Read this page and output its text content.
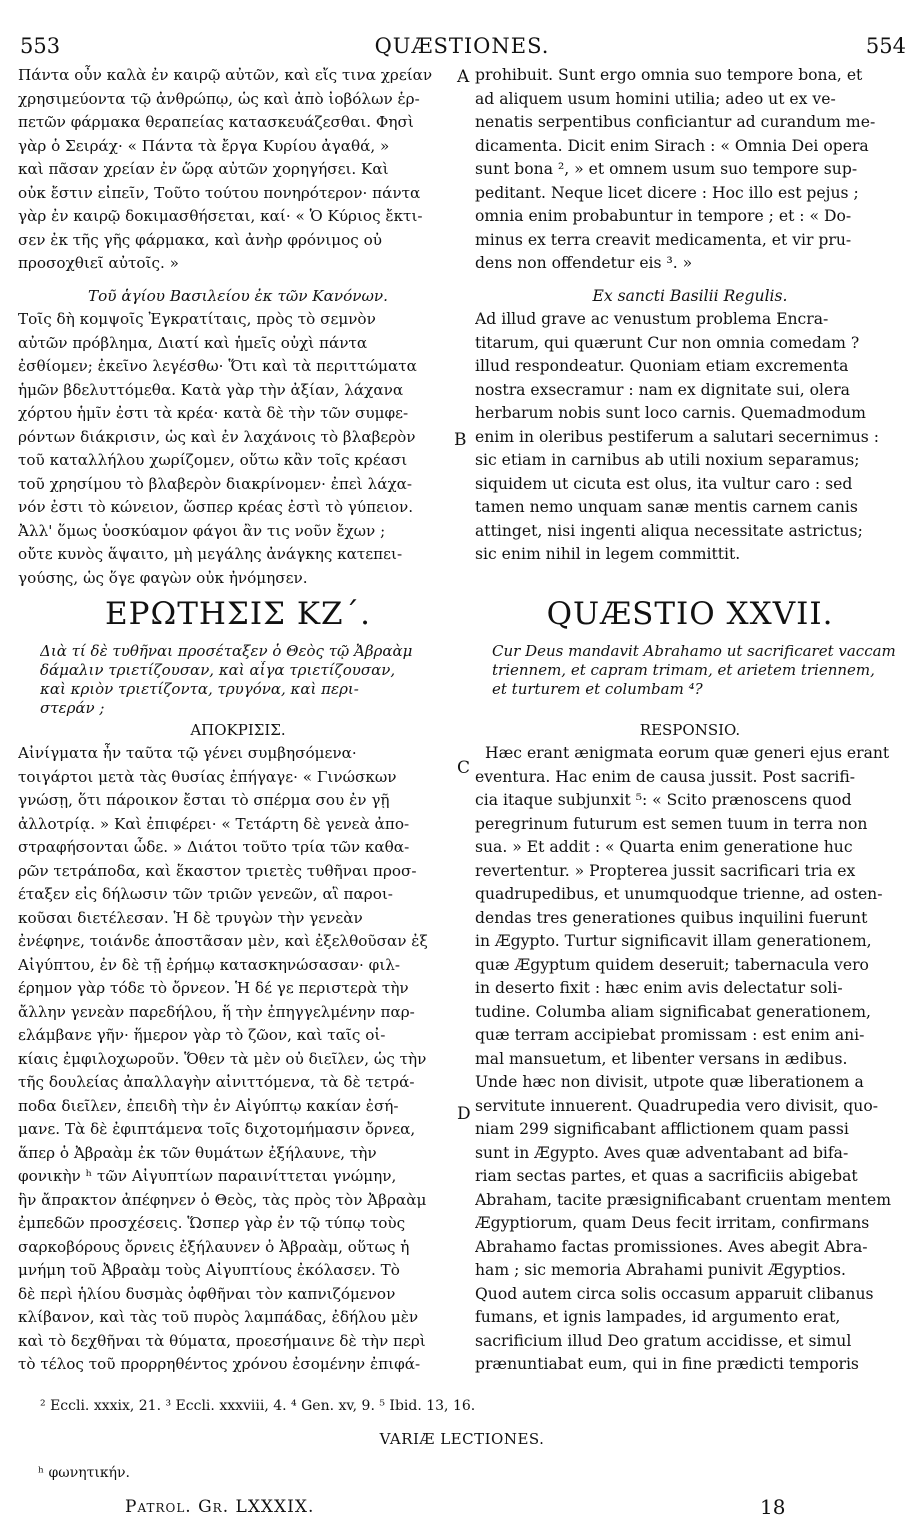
553	QUÆSTIONES.	554
A
B
C
D
Πάντα οὖν καλὰ ἐν καιρῷ αὐτῶν, καὶ εἴς τινα χρείαν
χρησιμεύοντα τῷ ἀνθρώπῳ, ὡς καὶ ἀπὸ ἰοβόλων ἑρ-
πετῶν φάρμακα θεραπείας κατασκευάζεσθαι. Φησὶ
γὰρ ὁ Σειράχ· « Πάντα τὰ ἔργα Κυρίου ἀγαθά, »
καὶ πᾶσαν χρείαν ἐν ὥρᾳ αὐτῶν χορηγήσει. Καὶ
οὐκ ἔστιν εἰπεῖν, Τοῦτο τούτου πονηρότερον· πάντα
γὰρ ἐν καιρῷ δοκιμασθήσεται, καί· « Ὁ Κύριος ἔκτι-
σεν ἐκ τῆς γῆς φάρμακα, καὶ ἀνὴρ φρόνιμος οὐ
προσοχθιεῖ αὐτοῖς. »
prohibuit. Sunt ergo omnia suo tempore bona, et
ad aliquem usum homini utilia; adeo ut ex ve-
nenatis serpentibus conficiantur ad curandum me-
dicamenta. Dicit enim Sirach : « Omnia Dei opera
sunt bona ², » et omnem usum suo tempore sup-
peditant. Neque licet dicere : Hoc illo est pejus ;
omnia enim probabuntur in tempore ; et : « Do-
minus ex terra creavit medicamenta, et vir pru-
dens non offendetur eis ³. »
Τοῦ ἁγίου Βασιλείου ἐκ τῶν Κανόνων.	Ex sancti Basilii Regulis.
Τοῖς δὴ κομψοῖς Ἐγκρατίταις, πρὸς τὸ σεμνὸν
αὐτῶν πρόβλημα, Διατί καὶ ἡμεῖς οὐχὶ πάντα
ἐσθίομεν; ἐκεῖνο λεγέσθω· Ὅτι καὶ τὰ περιττώματα
ἡμῶν βδελυττόμεθα. Κατὰ γὰρ τὴν ἀξίαν, λάχανα
χόρτου ἡμῖν ἐστι τὰ κρέα· κατὰ δὲ τὴν τῶν συμφε-
ρόντων διάκρισιν, ὡς καὶ ἐν λαχάνοις τὸ βλαβερὸν
τοῦ καταλλήλου χωρίζομεν, οὕτω κἂν τοῖς κρέασι
τοῦ χρησίμου τὸ βλαβερὸν διακρίνομεν· ἐπεὶ λάχα-
νόν ἐστι τὸ κώνειον, ὥσπερ κρέας ἐστὶ τὸ γύπειον.
Ἀλλ' ὅμως ὑοσκύαμον φάγοι ἂν τις νοῦν ἔχων ;
οὔτε κυνὸς ἅψαιτο, μὴ μεγάλης ἀνάγκης κατεπει-
γούσης, ὡς ὅγε φαγὼν οὐκ ἠνόμησεν.
Ad illud grave ac venustum problema Encra-
titarum, qui quærunt Cur non omnia comedam ?
illud respondeatur. Quoniam etiam excrementa
nostra exsecramur : nam ex dignitate sui, olera
herbarum nobis sunt loco carnis. Quemadmodum
enim in oleribus pestiferum a salutari secernimus :
sic etiam in carnibus ab utili noxium separamus;
siquidem ut cicuta est olus, ita vultur caro : sed
tamen nemo unquam sanæ mentis carnem canis
attinget, nisi ingenti aliqua necessitate astrictus;
sic enim nihil in legem committit.
ΕΡΩΤΗΣΙΣ ΚΖ΄.	QUÆSTIO XXVII.
Διὰ τί δὲ τυθῆναι προσέταξεν ὁ Θεὸς τῷ Ἀβραὰμ
δάμαλιν τριετίζουσαν, καὶ αἶγα τριετίζουσαν,
καὶ κριὸν τριετίζοντα, τρυγόνα, καὶ περι-
στεράν ;
Cur Deus mandavit Abrahamo ut sacrificaret vaccam
triennem, et capram trimam, et arietem triennem,
et turturem et columbam ⁴?
ΑΠΟΚΡΙΣΙΣ.	RESPONSIO.
Αἰνίγματα ἦν ταῦτα τῷ γένει συμβησόμενα·
τοιγάρτοι μετὰ τὰς θυσίας ἐπήγαγε· « Γινώσκων
γνώσῃ, ὅτι πάροικον ἔσται τὸ σπέρμα σου ἐν γῇ
ἀλλοτρίᾳ. » Καὶ ἐπιφέρει· « Τετάρτη δὲ γενεὰ ἀπο-
στραφήσονται ὧδε. » Διάτοι τοῦτο τρία τῶν καθα-
ρῶν τετράποδα, καὶ ἕκαστον τριετὲς τυθῆναι προσ-
έταξεν εἰς δήλωσιν τῶν τριῶν γενεῶν, αἳ παροι-
κοῦσαι διετέλεσαν. Ἡ δὲ τρυγὼν τὴν γενεὰν
ἐνέφηνε, τοιάνδε ἀποστᾶσαν μὲν, καὶ ἐξελθοῦσαν ἐξ
Αἰγύπτου, ἐν δὲ τῇ ἐρήμῳ κατασκηνώσασαν· φιλ-
έρημον γὰρ τόδε τὸ ὄρνεον. Ἡ δέ γε περιστερὰ τὴν
ἄλλην γενεὰν παρεδήλου, ἥ τὴν ἐπηγγελμένην παρ-
ελάμβανε γῆν· ἥμερον γὰρ τὸ ζῶον, καὶ ταῖς οἰ-
κίαις ἐμφιλοχωροῦν. Ὅθεν τὰ μὲν οὐ διεῖλεν, ὡς τὴν
τῆς δουλείας ἀπαλλαγὴν αἰνιττόμενα, τὰ δὲ τετρά-
ποδα διεῖλεν, ἐπειδὴ τὴν ἐν Αἰγύπτῳ κακίαν ἐσή-
μανε. Τὰ δὲ ἐφιπτάμενα τοῖς διχοτομήμασιν ὄρνεα,
ἅπερ ὁ Ἀβραὰμ ἐκ τῶν θυμάτων ἐξήλαυνε, τὴν
φονικὴν ʰ τῶν Αἰγυπτίων παραινίττεται γνώμην,
ἣν ἄπρακτον ἀπέφηνεν ὁ Θεὸς, τὰς πρὸς τὸν Ἀβραὰμ
ἐμπεδῶν προσχέσεις. Ὥσπερ γὰρ ἐν τῷ τύπῳ τοὺς
σαρκοβόρους ὄρνεις ἐξήλαυνεν ὁ Ἀβραὰμ, οὕτως ἡ
μνήμη τοῦ Ἀβραὰμ τοὺς Αἰγυπτίους ἐκόλασεν. Τὸ
δὲ περὶ ἡλίου δυσμὰς ὀφθῆναι τὸν καπνιζόμενον
κλίβανον, καὶ τὰς τοῦ πυρὸς λαμπάδας, ἐδήλου μὲν
καὶ τὸ δεχθῆναι τὰ θύματα, προεσήμαινε δὲ τὴν περὶ
τὸ τέλος τοῦ προρρηθέντος χρόνου ἐσομένην ἐπιφά-
Hæc erant ænigmata eorum quæ generi ejus erant
eventura. Hac enim de causa jussit. Post sacrifi-
cia itaque subjunxit ⁵: « Scito prænoscens quod
peregrinum futurum est semen tuum in terra non
sua. » Et addit : « Quarta enim generatione huc
revertentur. » Propterea jussit sacrificari tria ex
quadrupedibus, et unumquodque trienne, ad osten-
dendas tres generationes quibus inquilini fuerunt
in Ægypto. Turtur significavit illam generationem,
quæ Ægyptum quidem deseruit; tabernacula vero
in deserto fixit : hæc enim avis delectatur soli-
tudine. Columba aliam significabat generationem,
quæ terram accipiebat promissam : est enim ani-
mal mansuetum, et libenter versans in ædibus.
Unde hæc non divisit, utpote quæ liberationem a
servitute innuerent. Quadrupedia vero divisit, quo-
niam 299 significabant afflictionem quam passi
sunt in Ægypto. Aves quæ adventabant ad bifa-
riam sectas partes, et quas a sacrificiis abigebat
Abraham, tacite præsignificabant cruentam mentem
Ægyptiorum, quam Deus fecit irritam, confirmans
Abrahamo factas promissiones. Aves abegit Abra-
ham ; sic memoria Abrahami punivit Ægyptios.
Quod autem circa solis occasum apparuit clibanus
fumans, et ignis lampades, id argumento erat,
sacrificium illud Deo gratum accidisse, et simul
prænuntiabat eum, qui in fine prædicti temporis
² Eccli. xxxix, 21. ³ Eccli. xxxviii, 4. ⁴ Gen. xv, 9. ⁵ Ibid. 13, 16.
VARIÆ LECTIONES.
ʰ φωνητικήν.
Patrol. Gr. LXXXIX.	18
